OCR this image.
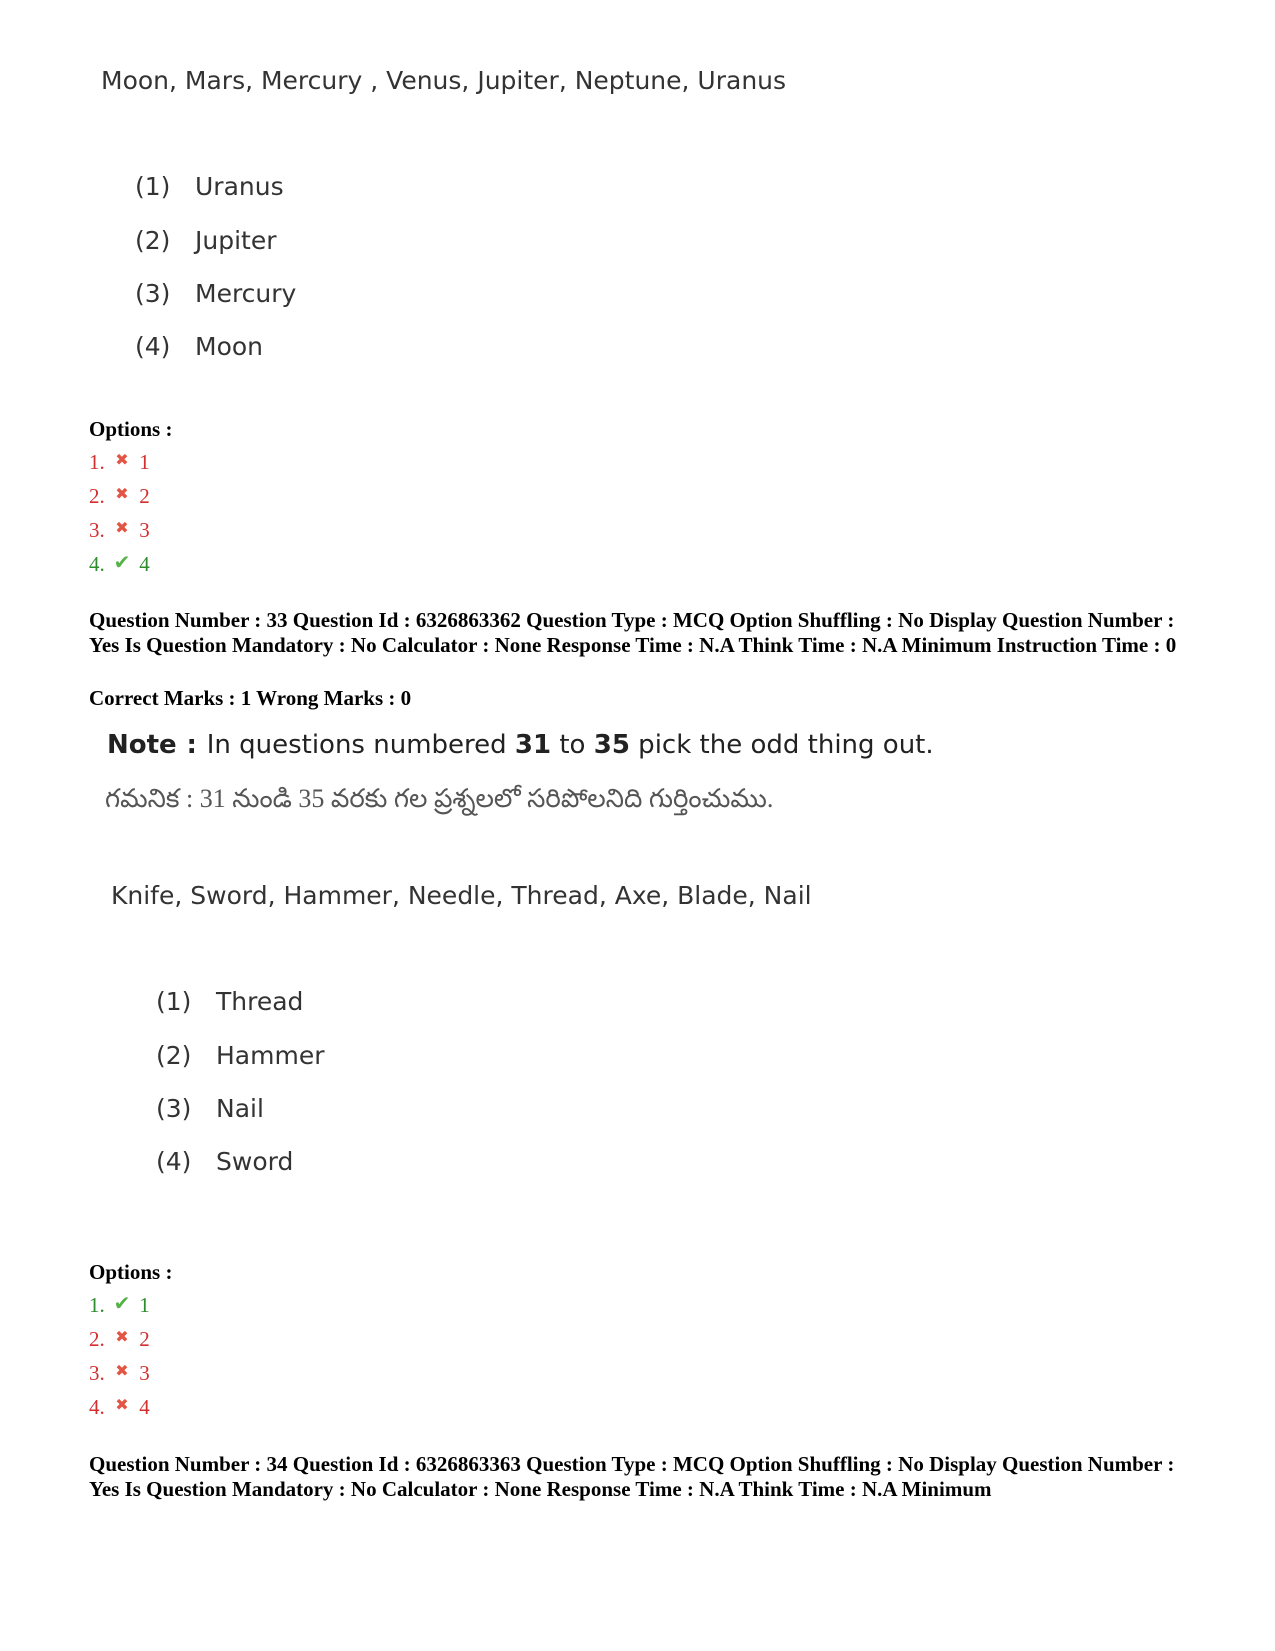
Moon, Mars, Mercury , Venus, Jupiter, Neptune, Uranus
(1) Uranus
(2) Jupiter
(3) Mercury
(4) Moon
Options :
1. ✖ 1
2. ✖ 2
3. ✖ 3
4. ✔ 4
Question Number : 33 Question Id : 6326863362 Question Type : MCQ Option Shuffling : No Display Question Number : Yes Is Question Mandatory : No Calculator : None Response Time : N.A Think Time : N.A Minimum Instruction Time : 0
Correct Marks : 1 Wrong Marks : 0
Note : In questions numbered 31 to 35 pick the odd thing out.
గమనిక : 31 నుండి 35 వరకు గల ప్రశ్నలలో సరిపోలనిది గుర్తించుము.
Knife, Sword, Hammer, Needle, Thread, Axe, Blade, Nail
(1) Thread
(2) Hammer
(3) Nail
(4) Sword
Options :
1. ✔ 1
2. ✖ 2
3. ✖ 3
4. ✖ 4
Question Number : 34 Question Id : 6326863363 Question Type : MCQ Option Shuffling : No Display Question Number : Yes Is Question Mandatory : No Calculator : None Response Time : N.A Think Time : N.A Minimum
